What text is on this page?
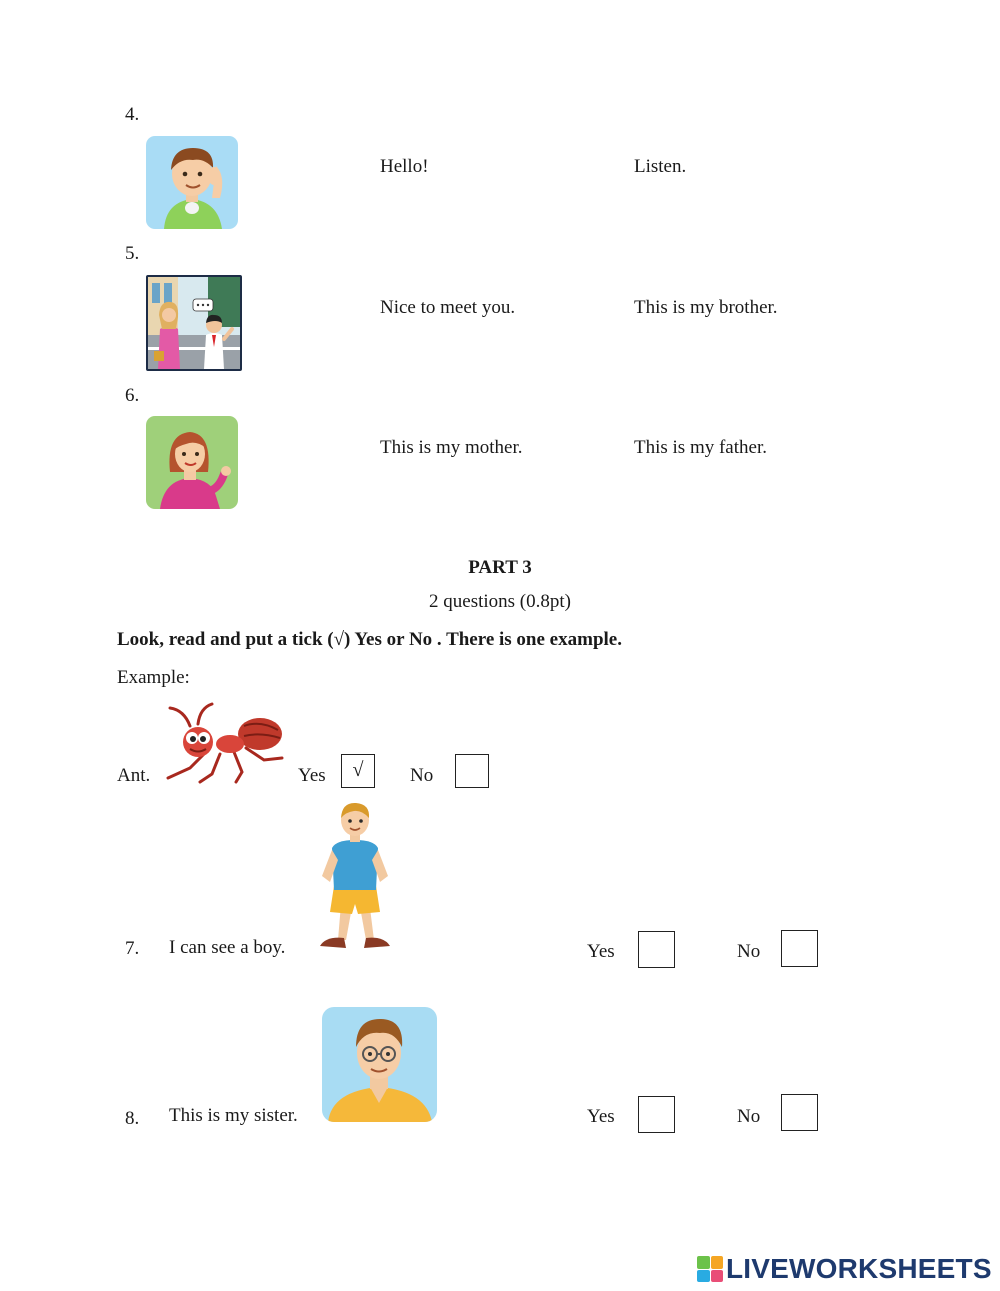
4.
Hello!	Listen.
5.
Nice to meet you.	This is my brother.
6.
This is my mother.	This is my father.
PART 3
2 questions (0.8pt)
Look, read and put a tick (√) Yes or No . There is one example.
Example:
Ant.	Yes	√	No
7. I can see a boy.	Yes	No
8. This is my sister.	Yes	No
LIVEWORKSHEETS
